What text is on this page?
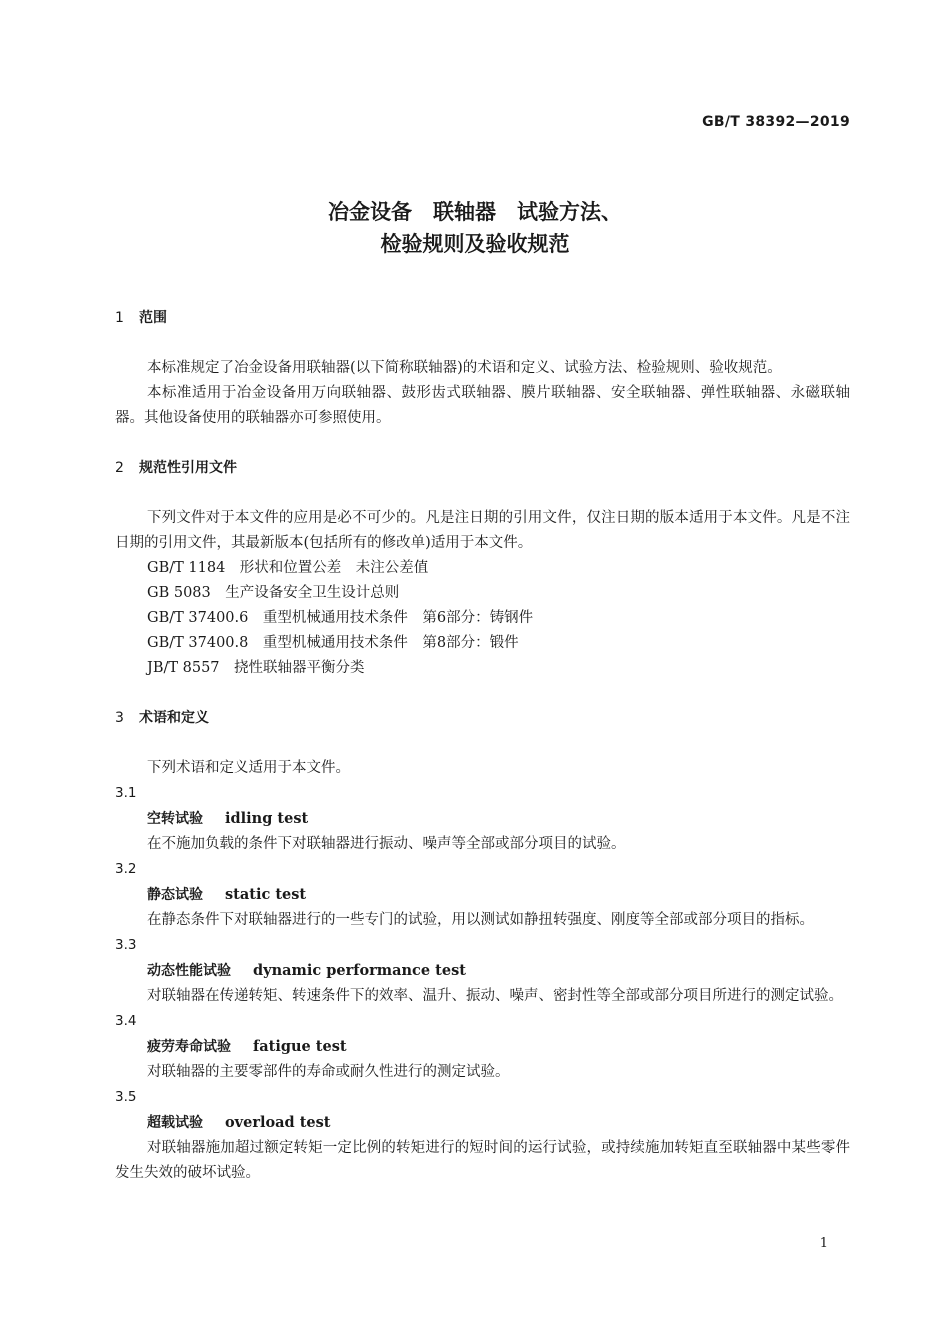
GB/T 38392—2019
冶金设备　联轴器　试验方法、
检验规则及验收规范
1 范围

本标准规定了冶金设备用联轴器(以下简称联轴器)的术语和定义、试验方法、检验规则、验收规范。

本标准适用于冶金设备用万向联轴器、鼓形齿式联轴器、膜片联轴器、安全联轴器、弹性联轴器、永磁联轴器。其他设备使用的联轴器亦可参照使用。

2 规范性引用文件

下列文件对于本文件的应用是必不可少的。凡是注日期的引用文件，仅注日期的版本适用于本文件。凡是不注日期的引用文件，其最新版本(包括所有的修改单)适用于本文件。

GB/T 1184　形状和位置公差　未注公差值
GB 5083　生产设备安全卫生设计总则
GB/T 37400.6　重型机械通用技术条件　第6部分：铸钢件
GB/T 37400.8　重型机械通用技术条件　第8部分：锻件
JB/T 8557　挠性联轴器平衡分类
3 术语和定义

下列术语和定义适用于本文件。

3.1
空转试验 idling test

在不施加负载的条件下对联轴器进行振动、噪声等全部或部分项目的试验。

3.2
静态试验 static test

在静态条件下对联轴器进行的一些专门的试验，用以测试如静扭转强度、刚度等全部或部分项目的指标。

3.3
动态性能试验 dynamic performance test

对联轴器在传递转矩、转速条件下的效率、温升、振动、噪声、密封性等全部或部分项目所进行的测定试验。

3.4
疲劳寿命试验 fatigue test

对联轴器的主要零部件的寿命或耐久性进行的测定试验。

3.5
超载试验 overload test

对联轴器施加超过额定转矩一定比例的转矩进行的短时间的运行试验，或持续施加转矩直至联轴器中某些零件发生失效的破坏试验。

1
